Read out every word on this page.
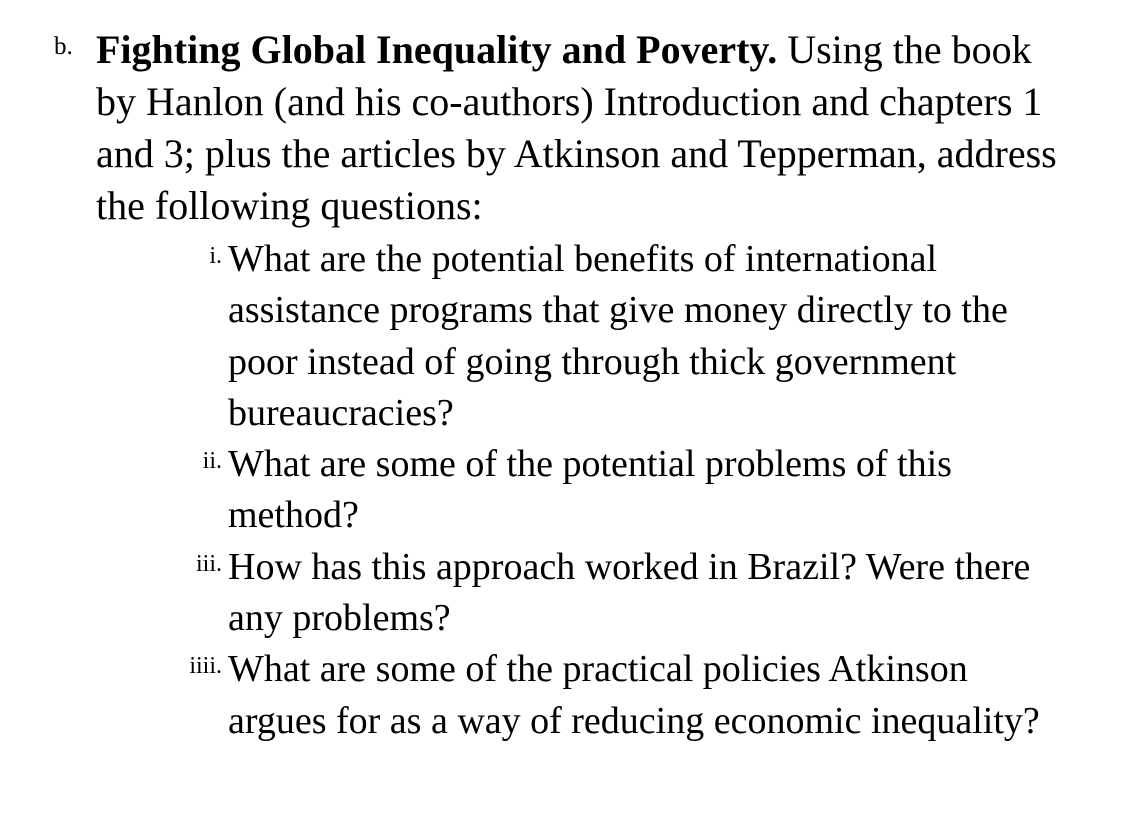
b. Fighting Global Inequality and Poverty. Using the book by Hanlon (and his co-authors) Introduction and chapters 1 and 3; plus the articles by Atkinson and Tepperman, address the following questions:
i. What are the potential benefits of international assistance programs that give money directly to the poor instead of going through thick government bureaucracies?
ii. What are some of the potential problems of this method?
iii. How has this approach worked in Brazil? Were there any problems?
iiii. What are some of the practical policies Atkinson argues for as a way of reducing economic inequality?
